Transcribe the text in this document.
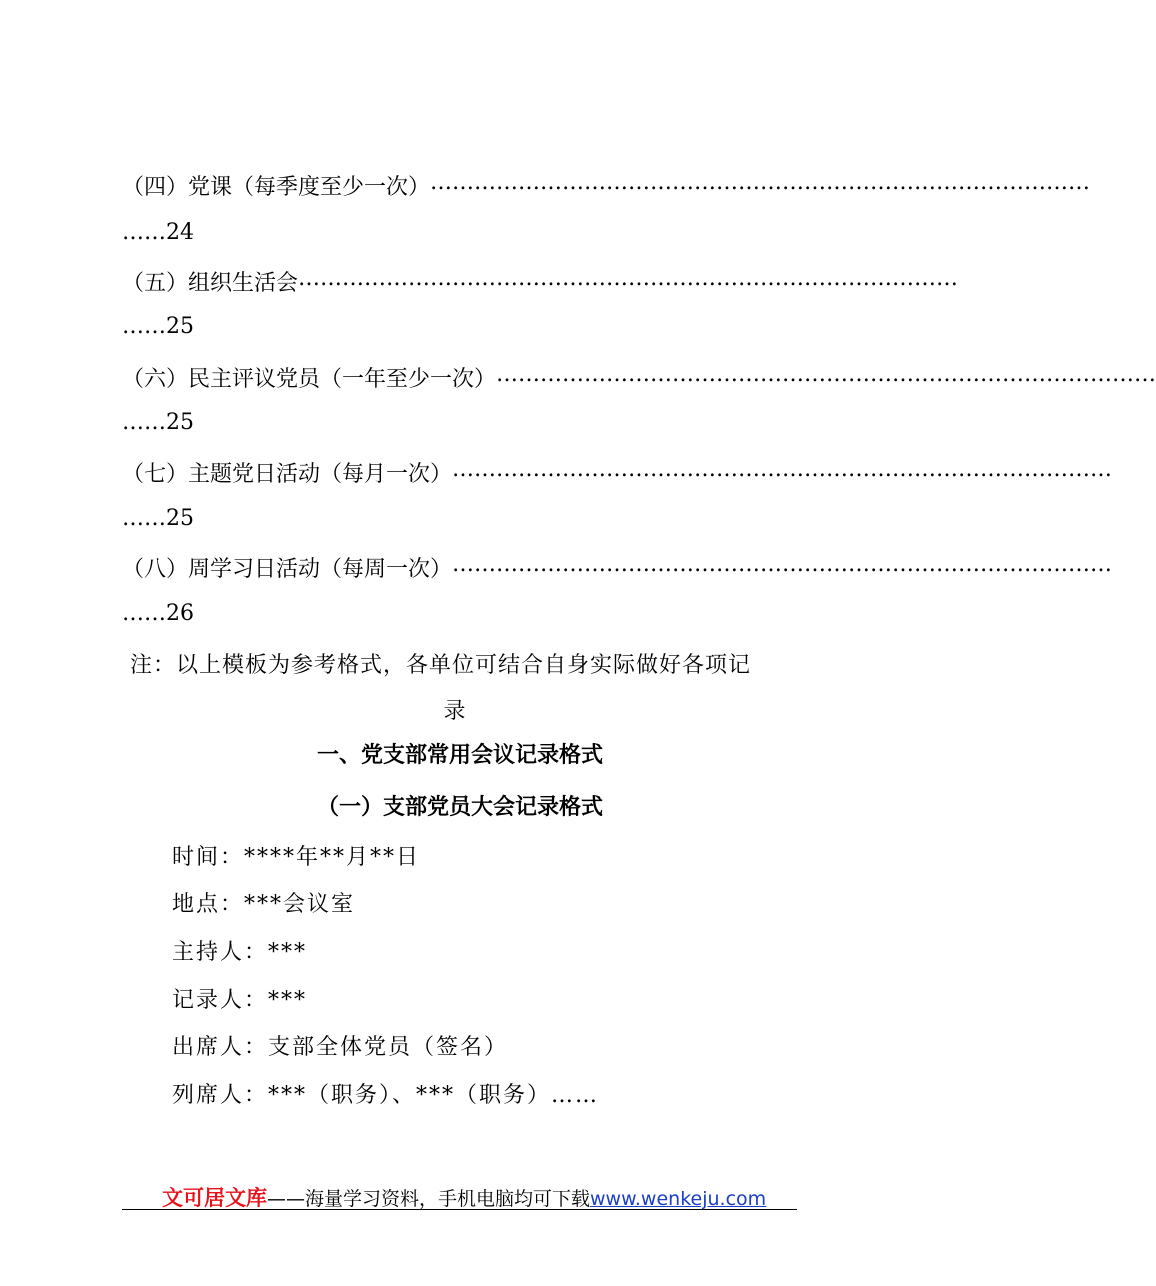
（四）党课（每季度至少一次） ………………………………………………………………………………
……24
（五）组织生活会 ………………………………………………………………………………
……25
（六）民主评议党员（一年至少一次） ………………………………………………………………………………
……25
（七）主题党日活动（每月一次） ………………………………………………………………………………
……25
（八）周学习日活动（每周一次） ………………………………………………………………………………
……26
注：以上模板为参考格式，各单位可结合自身实际做好各项记
录
一、党支部常用会议记录格式
（一）支部党员大会记录格式
时间：****年**月**日
地点：***会议室
主持人：***
记录人：***
出席人：支部全体党员（签名）
列席人：***（职务）、***（职务）……
文可居文库——海量学习资料，手机电脑均可下载www.wenkeju.com
